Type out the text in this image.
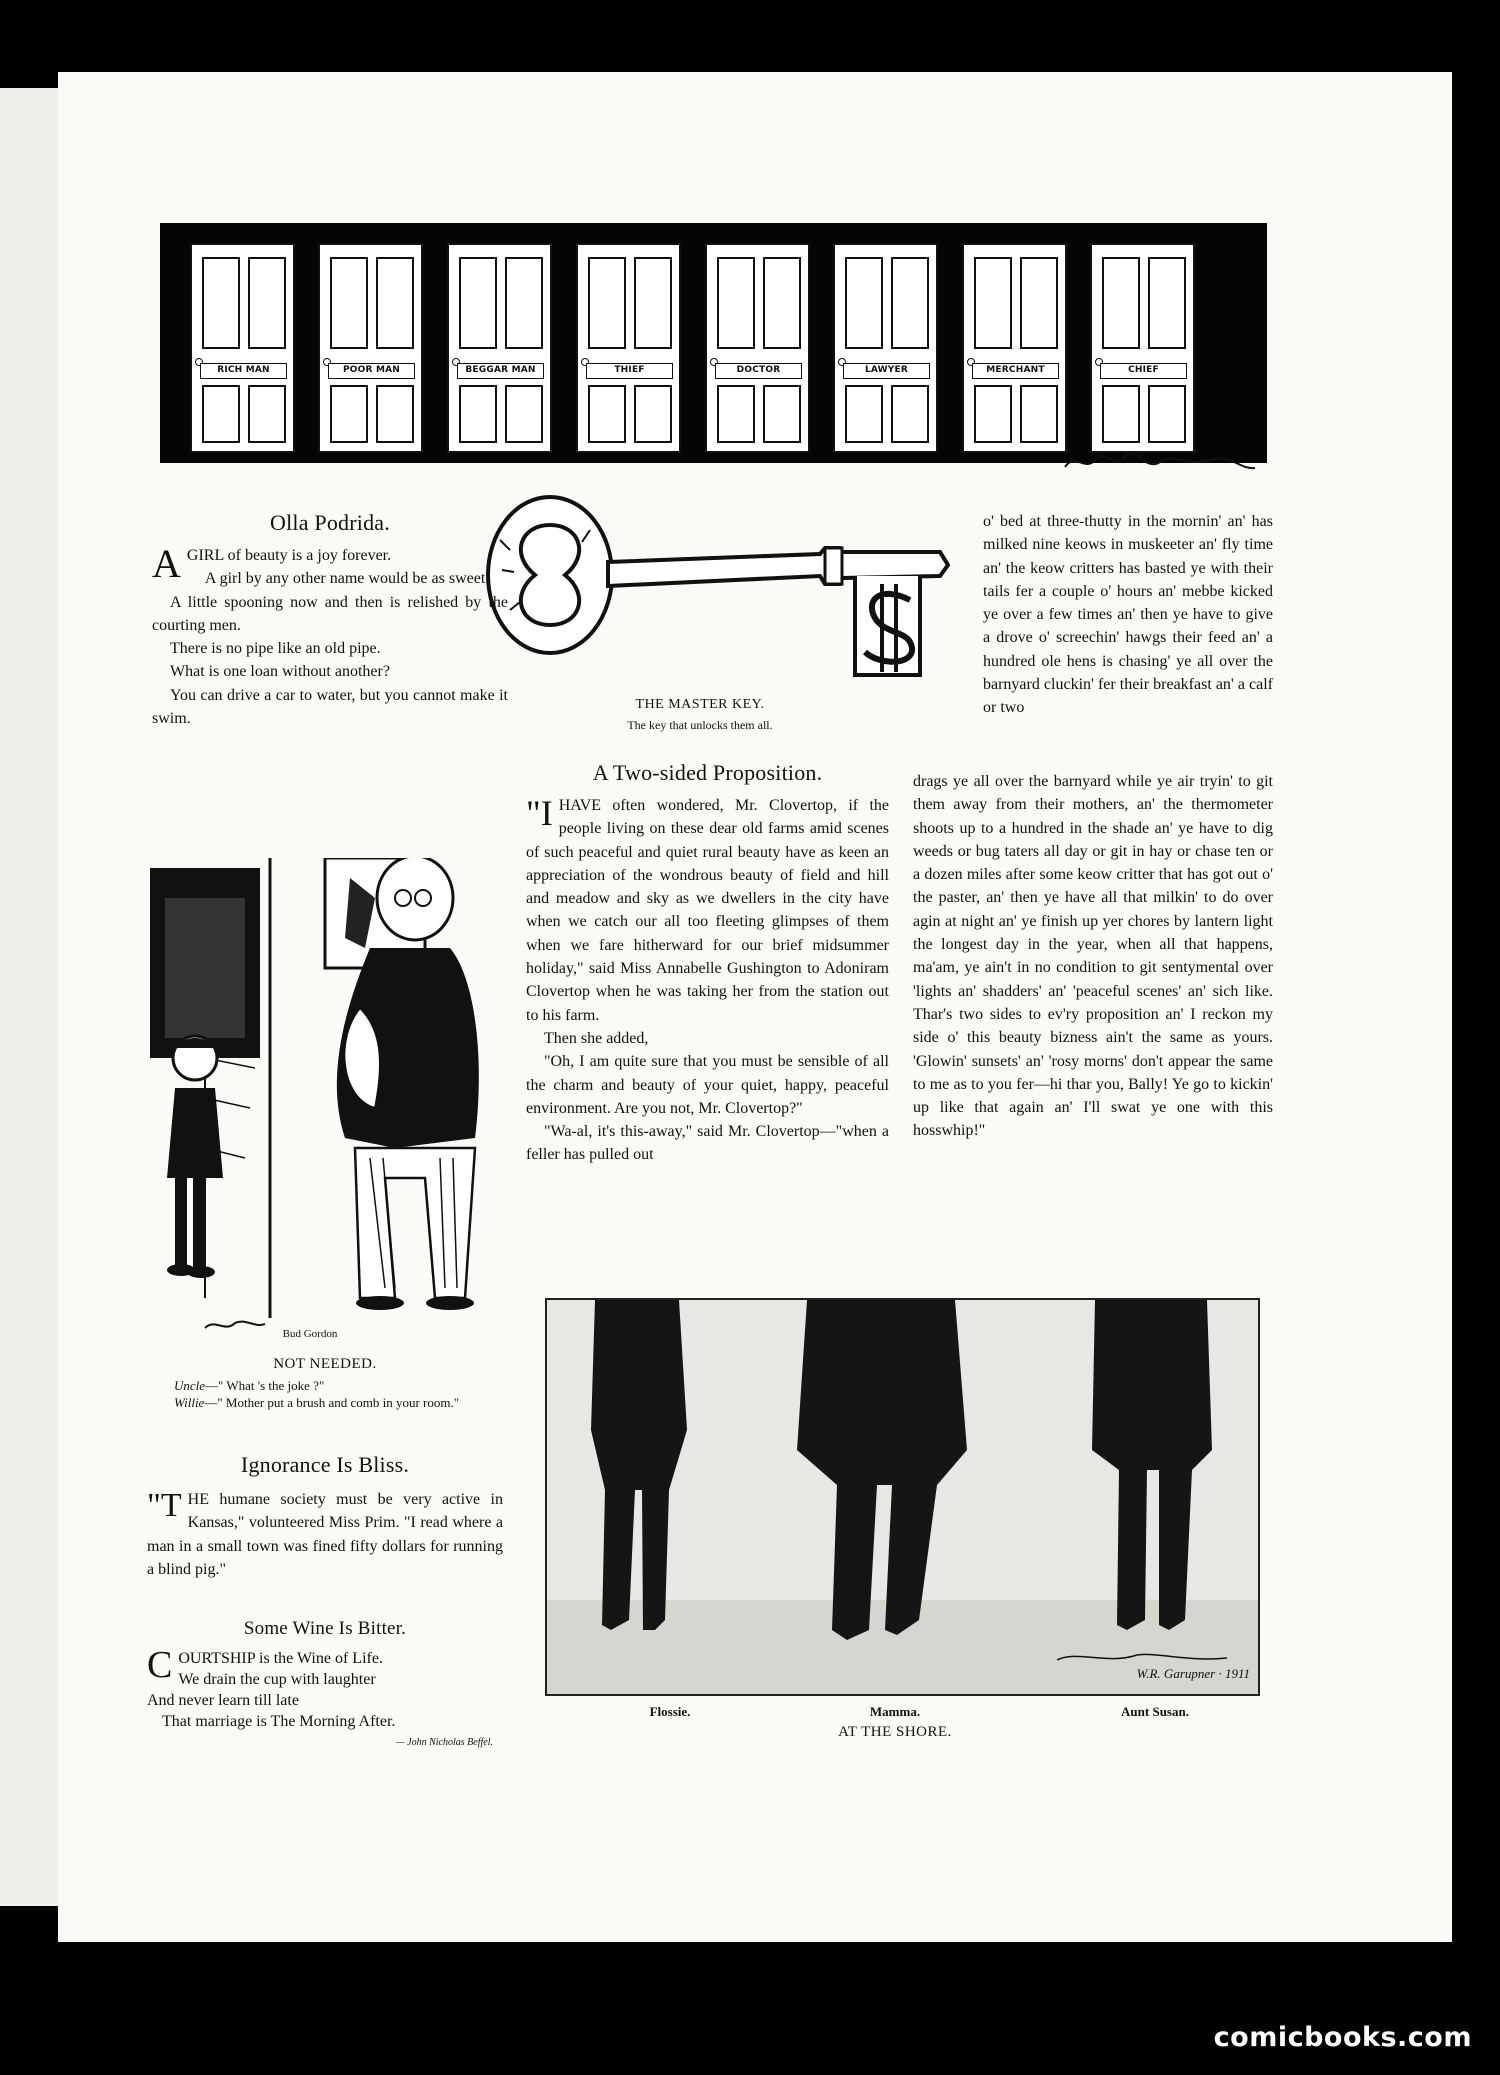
RICH MAN	POOR MAN	BEGGAR MAN	THIEF	DOCTOR	LAWYER	MERCHANT	CHIEF
THE MASTER KEY.
The key that unlocks them all.
Olla Podrida.

AGIRL of beauty is a joy forever.

A girl by any other name would be as sweet.

A little spooning now and then is relished by the courting men.

There is no pipe like an old pipe.

What is one loan without another?

You can drive a car to water, but you cannot make it swim.

Bud Gordon
NOT NEEDED.
Uncle—" What 's the joke ?"
Willie—" Mother put a brush and comb in your room."
Ignorance Is Bliss.

"THE humane society must be very active in Kansas," volunteered Miss Prim. "I read where a man in a small town was fined fifty dollars for running a blind pig."

Some Wine Is Bitter.
COURTSHIP is the Wine of Life.
We drain the cup with laughter
And never learn till late
That marriage is The Morning After.
— John Nicholas Beffel.
A Two-sided Proposition.

"IHAVE often wondered, Mr. Clovertop, if the people living on these dear old farms amid scenes of such peaceful and quiet rural beauty have as keen an appreciation of the wondrous beauty of field and hill and meadow and sky as we dwellers in the city have when we catch our all too fleeting glimpses of them when we fare hitherward for our brief midsummer holiday," said Miss Annabelle Gushington to Adoniram Clovertop when he was taking her from the station out to his farm.

Then she added,

"Oh, I am quite sure that you must be sensible of all the charm and beauty of your quiet, happy, peaceful environment. Are you not, Mr. Clovertop?"

"Wa-al, it's this-away," said Mr. Clovertop—"when a feller has pulled out

o' bed at three-thutty in the mornin' an' has milked nine keows in muskeeter an' fly time an' the keow critters has basted ye with their tails fer a couple o' hours an' mebbe kicked ye over a few times an' then ye have to give a drove o' screechin' hawgs their feed an' a hundred ole hens is chasing' ye all over the barnyard cluckin' fer their breakfast an' a calf or two
drags ye all over the barnyard while ye air tryin' to git them away from their mothers, an' the thermometer shoots up to a hundred in the shade an' ye have to dig weeds or bug taters all day or git in hay or chase ten or a dozen miles after some keow critter that has got out o' the paster, an' then ye have all that milkin' to do over agin at night an' ye finish up yer chores by lantern light the longest day in the year, when all that happens, ma'am, ye ain't in no condition to git sentymental over 'lights an' shadders' an' 'peaceful scenes' an' sich like. Thar's two sides to ev'ry proposition an' I reckon my side o' this beauty bizness ain't the same as yours. 'Glowin' sunsets' an' 'rosy morns' don't appear the same to me as to you fer—hi thar you, Bally! Ye go to kickin' up like that again an' I'll swat ye one with this hosswhip!"
W.R. Garupner · 1911
Flossie.	Mamma.	Aunt Susan.
AT THE SHORE.
comicbooks.com
